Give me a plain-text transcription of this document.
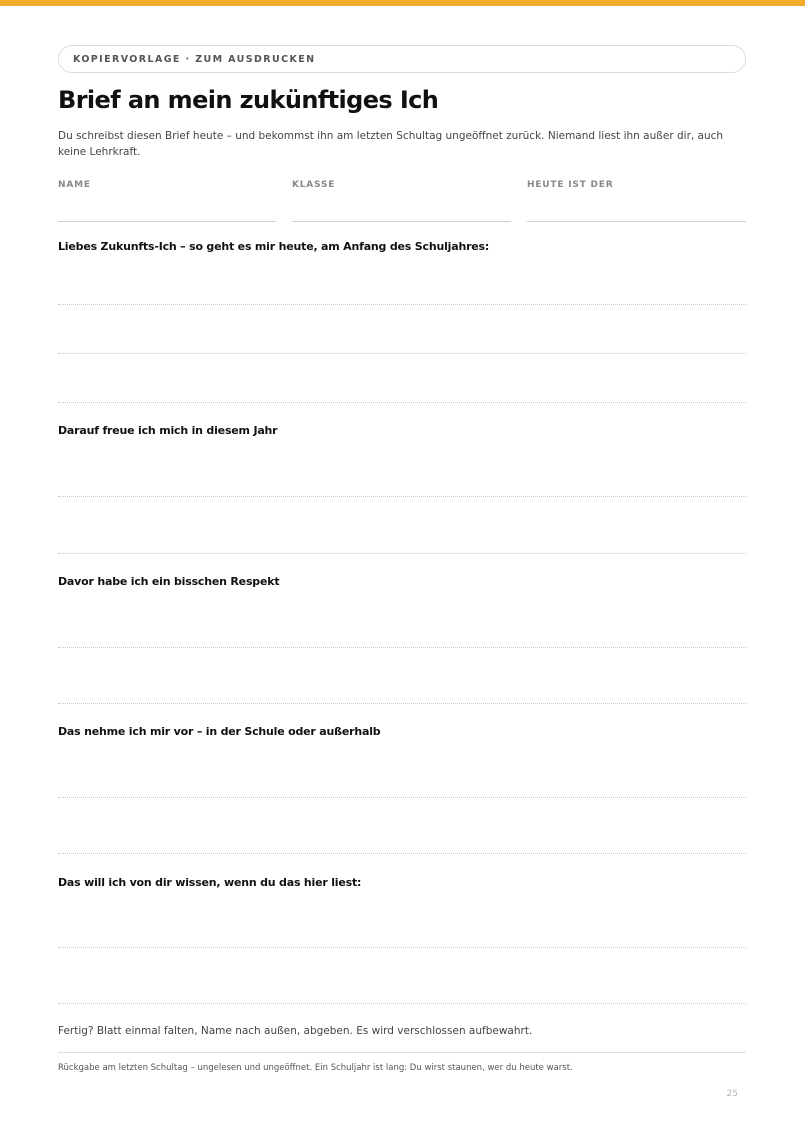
KOPIERVORLAGE · ZUM AUSDRUCKEN
Brief an mein zukünftiges Ich

Du schreibst diesen Brief heute – und bekommst ihn am letzten Schultag ungeöffnet zurück. Niemand liest ihn außer dir, auch keine Lehrkraft.

NAME	KLASSE	HEUTE IST DER
Liebes Zukunfts-Ich – so geht es mir heute, am Anfang des Schuljahres:
Darauf freue ich mich in diesem Jahr
Davor habe ich ein bisschen Respekt
Das nehme ich mir vor – in der Schule oder außerhalb
Das will ich von dir wissen, wenn du das hier liest:
Fertig? Blatt einmal falten, Name nach außen, abgeben. Es wird verschlossen aufbewahrt.
Rückgabe am letzten Schultag – ungelesen und ungeöffnet. Ein Schuljahr ist lang: Du wirst staunen, wer du heute warst.
25
